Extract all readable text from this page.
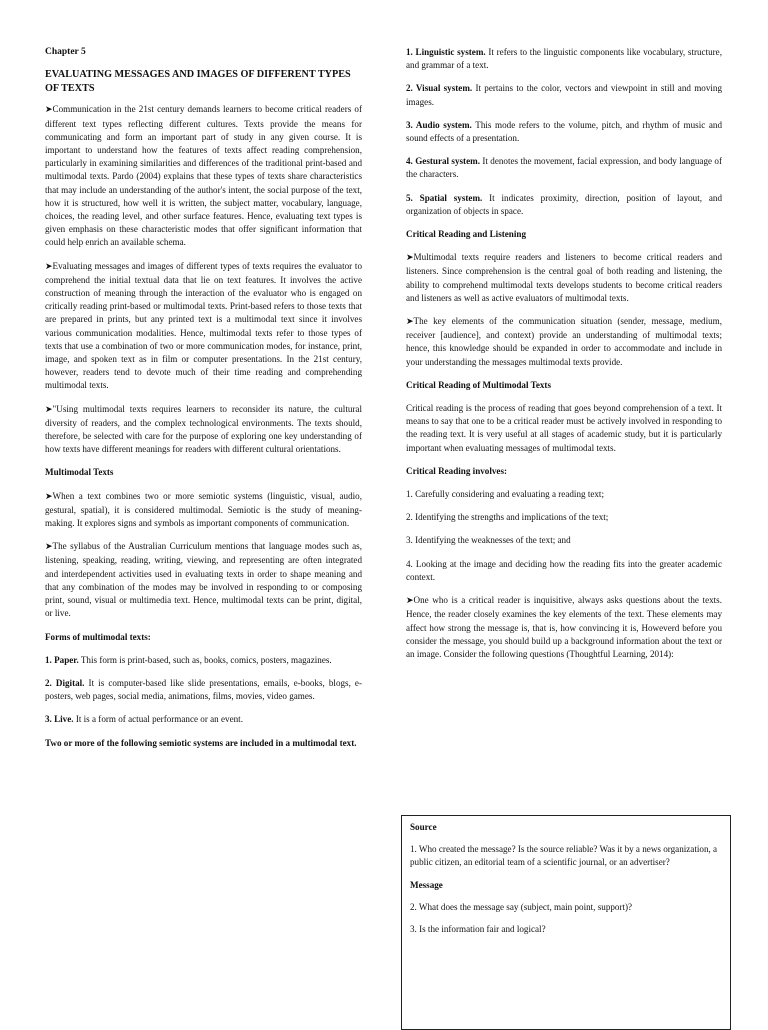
Chapter 5
EVALUATING MESSAGES AND IMAGES OF DIFFERENT TYPES OF TEXTS

➤Communication in the 21st century demands learners to become critical readers of different text types reflecting different cultures. Texts provide the means for communicating and form an important part of study in any given course. It is important to understand how the features of texts affect reading comprehension, particularly in examining similarities and differences of the traditional print-based and multimodal texts. Pardo (2004) explains that these types of texts share characteristics that may include an understanding of the author's intent, the social purpose of the text, how it is structured, how well it is written, the subject matter, vocabulary, language, choices, the reading level, and other surface features. Hence, evaluating text types is given emphasis on these characteristic modes that offer significant information that could help enrich an available schema.

➤Evaluating messages and images of different types of texts requires the evaluator to comprehend the initial textual data that lie on text features. It involves the active construction of meaning through the interaction of the evaluator who is engaged on critically reading print-based or multimodal texts. Print-based refers to those texts that are prepared in prints, but any printed text is a multimodal text since it involves various communication modalities. Hence, multimodal texts refer to those types of texts that use a combination of two or more communication modes, for instance, print, image, and spoken text as in film or computer presentations. In the 21st century, however, readers tend to devote much of their time reading and comprehending multimodal texts.

➤"Using multimodal texts requires learners to reconsider its nature, the cultural diversity of readers, and the complex technological environments. The texts should, therefore, be selected with care for the purpose of exploring one key understanding of how texts have different meanings for readers with different cultural orientations.

Multimodal Texts

➤When a text combines two or more semiotic systems (linguistic, visual, audio, gestural, spatial), it is considered multimodal. Semiotic is the study of meaning-making. It explores signs and symbols as important components of communication.

➤The syllabus of the Australian Curriculum mentions that language modes such as, listening, speaking, reading, writing, viewing, and representing are often integrated and interdependent activities used in evaluating texts in order to shape meaning and that any combination of the modes may be involved in responding to or composing print, sound, visual or multimedia text. Hence, multimodal texts can be print, digital, or live.

Forms of multimodal texts:

1. Paper. This form is print-based, such as, books, comics, posters, magazines.

2. Digital. It is computer-based like slide presentations, emails, e-books, blogs, e-posters, web pages, social media, animations, films, movies, video games.

3. Live. It is a form of actual performance or an event.

Two or more of the following semiotic systems are included in a multimodal text.

1. Linguistic system. It refers to the linguistic components like vocabulary, structure, and grammar of a text.

2. Visual system. It pertains to the color, vectors and viewpoint in still and moving images.

3. Audio system. This mode refers to the volume, pitch, and rhythm of music and sound effects of a presentation.

4. Gestural system. It denotes the movement, facial expression, and body language of the characters.

5. Spatial system. It indicates proximity, direction, position of layout, and organization of objects in space.

Critical Reading and Listening

➤Multimodal texts require readers and listeners to become critical readers and listeners. Since comprehension is the central goal of both reading and listening, the ability to comprehend multimodal texts develops students to become critical readers and listeners as well as active evaluators of multimodal texts.

➤The key elements of the communication situation (sender, message, medium, receiver [audience], and context) provide an understanding of multimodal texts; hence, this knowledge should be expanded in order to accommodate and include in your understanding the messages multimodal texts provide.

Critical Reading of Multimodal Texts

Critical reading is the process of reading that goes beyond comprehension of a text. It means to say that one to be a critical reader must be actively involved in responding to the reading text. It is very useful at all stages of academic study, but it is particularly important when evaluating messages of multimodal texts.

Critical Reading involves:

1. Carefully considering and evaluating a reading text;

2. Identifying the strengths and implications of the text;

3. Identifying the weaknesses of the text; and

4. Looking at the image and deciding how the reading fits into the greater academic context.

➤One who is a critical reader is inquisitive, always asks questions about the texts. Hence, the reader closely examines the key elements of the text. These elements may affect how strong the message is, that is, how convincing it is, Howeverd before you consider the message, you should build up a background information about the text or an image. Consider the following questions (Thoughtful Learning, 2014):

Source

1. Who created the message? Is the source reliable? Was it by a news organization, a public citizen, an editorial team of a scientific journal, or an advertiser?

Message

2. What does the message say (subject, main point, support)?

3. Is the information fair and logical?
